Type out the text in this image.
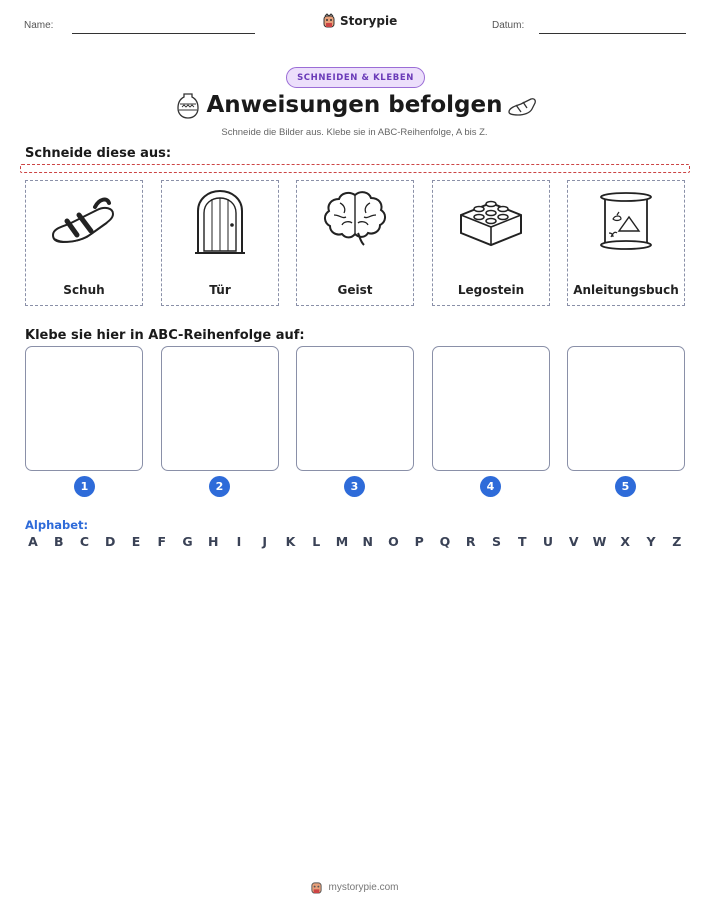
Name:	Storypie	Datum:
SCHNEIDEN & KLEBEN
Anweisungen befolgen
Schneide die Bilder aus. Klebe sie in ABC-Reihenfolge, A bis Z.
Schneide diese aus:
Schuh	Tür	Geist	Legostein	Anleitungsbuch
Klebe sie hier in ABC-Reihenfolge auf:
1	2	3	4	5
Alphabet:
A B C D E F G H	I	J	K	L	M N O P Q R S T U V W X Y Z
mystorypie.com
